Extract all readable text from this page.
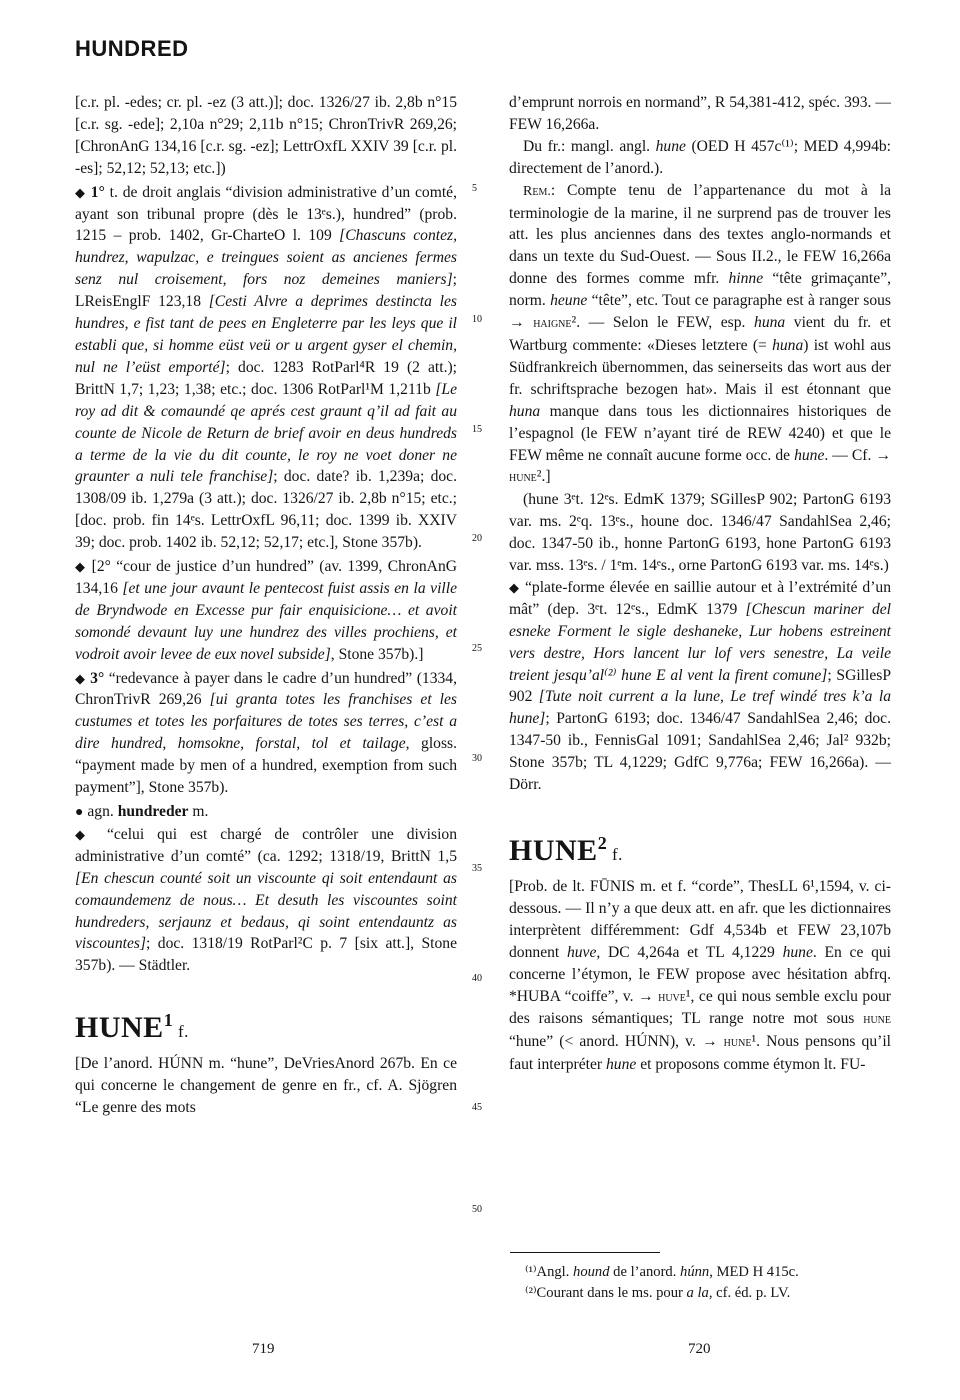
HUNDRED

[c.r. pl. -edes; cr. pl. -ez (3 att.)]; doc. 1326/27 ib. 2,8b n°15 [c.r. sg. -ede]; 2,10a n°29; 2,11b n°15; ChronTrivR 269,26; [ChronAnG 134,16 [c.r. sg. -ez]; LettrOxfL XXIV 39 [c.r. pl. -es]; 52,12; 52,13; etc.])

◆ 1° t. de droit anglais “division administrative d’un comté, ayant son tribunal propre (dès le 13ᵉs.), hundred” (prob. 1215 – prob. 1402, Gr-CharteO l. 109 [Chascuns contez, hundrez, wapulzac, e treingues soient as ancienes fermes senz nul croisement, fors noz demeines maniers]; LReisEnglF 123,18 [Cesti Alvre a deprimes destincta les hundres, e fist tant de pees en Engleterre par les leys que il establi que, si homme eüst veü or u argent gyser el chemin, nul ne l’eüst emporté]; doc. 1283 RotParl⁴R 19 (2 att.); BrittN 1,7; 1,23; 1,38; etc.; doc. 1306 RotParl¹M 1,211b [Le roy ad dit & comaundé qe aprés cest graunt q’il ad fait au counte de Nicole de Return de brief avoir en deus hundreds a terme de la vie du dit counte, le roy ne voet doner ne graunter a nuli tele franchise]; doc. date? ib. 1,239a; doc. 1308/09 ib. 1,279a (3 att.); doc. 1326/27 ib. 2,8b n°15; etc.; [doc. prob. fin 14ᵉs. LettrOxfL 96,11; doc. 1399 ib. XXIV 39; doc. prob. 1402 ib. 52,12; 52,17; etc.], Stone 357b).

◆ [2° “cour de justice d’un hundred” (av. 1399, ChronAnG 134,16 [et une jour avaunt le pentecost fuist assis en la ville de Bryndwode en Excesse pur fair enquisicione… et avoit somondé devaunt luy une hundrez des villes prochiens, et vodroit avoir levee de eux novel subside], Stone 357b).]

◆ 3° “redevance à payer dans le cadre d’un hundred” (1334, ChronTrivR 269,26 [ui granta totes les franchises et les custumes et totes les porfaitures de totes ses terres, c’est a dire hundred, homsokne, forstal, tol et tailage, gloss. “payment made by men of a hundred, exemption from such payment”], Stone 357b).

● agn. hundreder m.

◆ “celui qui est chargé de contrôler une division administrative d’un comté” (ca. 1292; 1318/19, BrittN 1,5 [En chescun counté soit un viscounte qi soit entendaunt as comaundemenz de nous… Et desuth les viscountes soint hundreders, serjaunz et bedaus, qi soint entendauntz as viscountes]; doc. 1318/19 RotParl²C p. 7 [six att.], Stone 357b). — Städtler.

HUNE$^1$ f.

[De l’anord. HÚNN m. “hune”, DeVriesAnord 267b. En ce qui concerne le changement de genre en fr., cf. A. Sjögren “Le genre des mots

5
10
15
20
25
30
35
40
45
50

d’emprunt norrois en normand”, R 54,381-412, spéc. 393. — FEW 16,266a.

Du fr.: mangl. angl. hune (OED H 457c⁽¹⁾; MED 4,994b: directement de l’anord.).

Rem.: Compte tenu de l’appartenance du mot à la terminologie de la marine, il ne surprend pas de trouver les att. les plus anciennes dans des textes anglo-normands et dans un texte du Sud-Ouest. — Sous II.2., le FEW 16,266a donne des formes comme mfr. hinne “tête grimaçante”, norm. heune “tête”, etc. Tout ce paragraphe est à ranger sous → haigne². — Selon le FEW, esp. huna vient du fr. et Wartburg commente: «Dieses letztere (= huna) ist wohl aus Südfrankreich übernommen, das seinerseits das wort aus der fr. schriftsprache bezogen hat». Mais il est étonnant que huna manque dans tous les dictionnaires historiques de l’espagnol (le FEW n’ayant tiré de REW 4240) et que le FEW même ne connaît aucune forme occ. de hune. — Cf. → hune².]

(hune 3ᵉt. 12ᵉs. EdmK 1379; SGillesP 902; PartonG 6193 var. ms. 2ᵉq. 13ᵉs., houne doc. 1346/47 SandahlSea 2,46; doc. 1347-50 ib., honne PartonG 6193, hone PartonG 6193 var. mss. 13ᵉs. / 1ᵉm. 14ᵉs., orne PartonG 6193 var. ms. 14ᵉs.)

◆ “plate-forme élevée en saillie autour et à l’extrémité d’un mât” (dep. 3ᵉt. 12ᵉs., EdmK 1379 [Chescun mariner del esneke Forment le sigle deshaneke, Lur hobens estreinent vers destre, Hors lancent lur lof vers senestre, La veile treient jesqu’al⁽²⁾ hune E al vent la firent comune]; SGillesP 902 [Tute noit current a la lune, Le tref windé tres k’a la hune]; PartonG 6193; doc. 1346/47 SandahlSea 2,46; doc. 1347-50 ib., FennisGal 1091; SandahlSea 2,46; Jal² 932b; Stone 357b; TL 4,1229; GdfC 9,776a; FEW 16,266a). — Dörr.

HUNE$^2$ f.

[Prob. de lt. FŪNIS m. et f. “corde”, ThesLL 6¹,1594, v. ci-dessous. — Il n’y a que deux att. en afr. que les dictionnaires interprètent différemment: Gdf 4,534b et FEW 23,107b donnent huve, DC 4,264a et TL 4,1229 hune. En ce qui concerne l’étymon, le FEW propose avec hésitation abfrq. *HUBA “coiffe”, v. → huve¹, ce qui nous semble exclu pour des raisons sémantiques; TL range notre mot sous hune “hune” (< anord. HÚNN), v. → hune¹. Nous pensons qu’il faut interpréter hune et proposons comme étymon lt. FU-

⁽¹⁾Angl. hound de l’anord. húnn, MED H 415c.

⁽²⁾Courant dans le ms. pour a la, cf. éd. p. LV.

719	720
